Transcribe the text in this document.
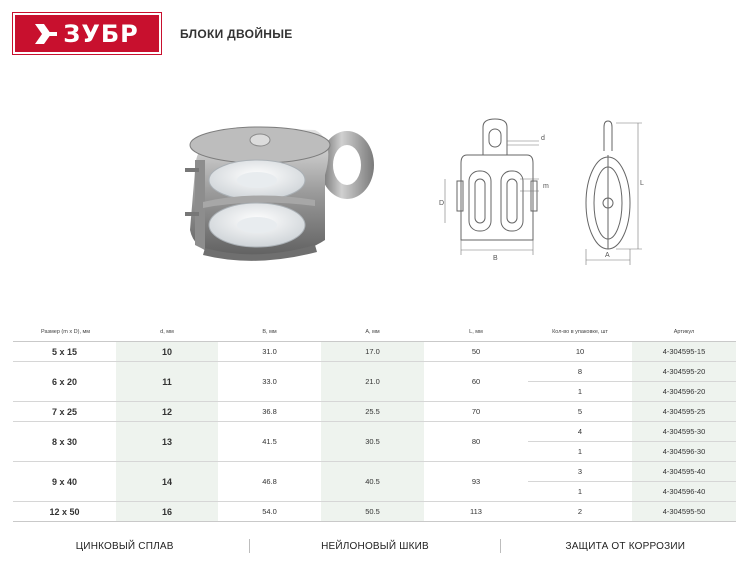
ЗУБР	БЛОКИ ДВОЙНЫЕ
d
m
D
B
L
A
Размер (m x D), мм	d, мм	B, мм	A, мм	L, мм	Кол-во в упаковке, шт	Артикул
5 x 15	10	31.0	17.0	50	10	4-304595-15
6 x 20	11	33.0	21.0	60	8	4-304595-20
					1	4-304596-20
7 x 25	12	36.8	25.5	70	5	4-304595-25
8 x 30	13	41.5	30.5	80	4	4-304595-30
					1	4-304596-30
9 x 40	14	46.8	40.5	93	3	4-304595-40
					1	4-304596-40
12 x 50	16	54.0	50.5	113	2	4-304595-50
ЦИНКОВЫЙ СПЛАВ	НЕЙЛОНОВЫЙ ШКИВ	ЗАЩИТА ОТ КОРРОЗИИ
